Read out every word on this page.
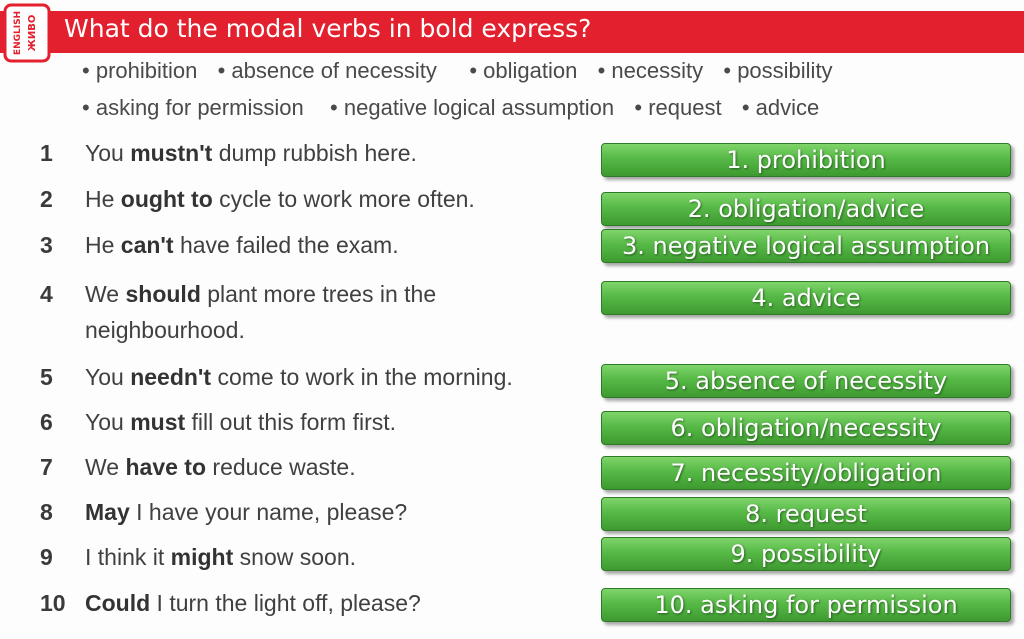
What do the modal verbs in bold express?
ENGLISH ЖИВО
• prohibition  • absence of necessity    • obligation  • necessity  • possibility
• asking for permission   • negative logical assumption  • request  • advice
1 You mustn't dump rubbish here.
2 He ought to cycle to work more often.
3 He can't have failed the exam.
4 We should plant more trees in the
neighbourhood.
5 You needn't come to work in the morning.
6 You must fill out this form first.
7 We have to reduce waste.
8 May I have your name, please?
9 I think it might snow soon.
10 Could I turn the light off, please?
1. prohibition
2. obligation/advice
3. negative logical assumption
4. advice
5. absence of necessity
6. obligation/necessity
7. necessity/obligation
8. request
9. possibility
10. asking for permission
